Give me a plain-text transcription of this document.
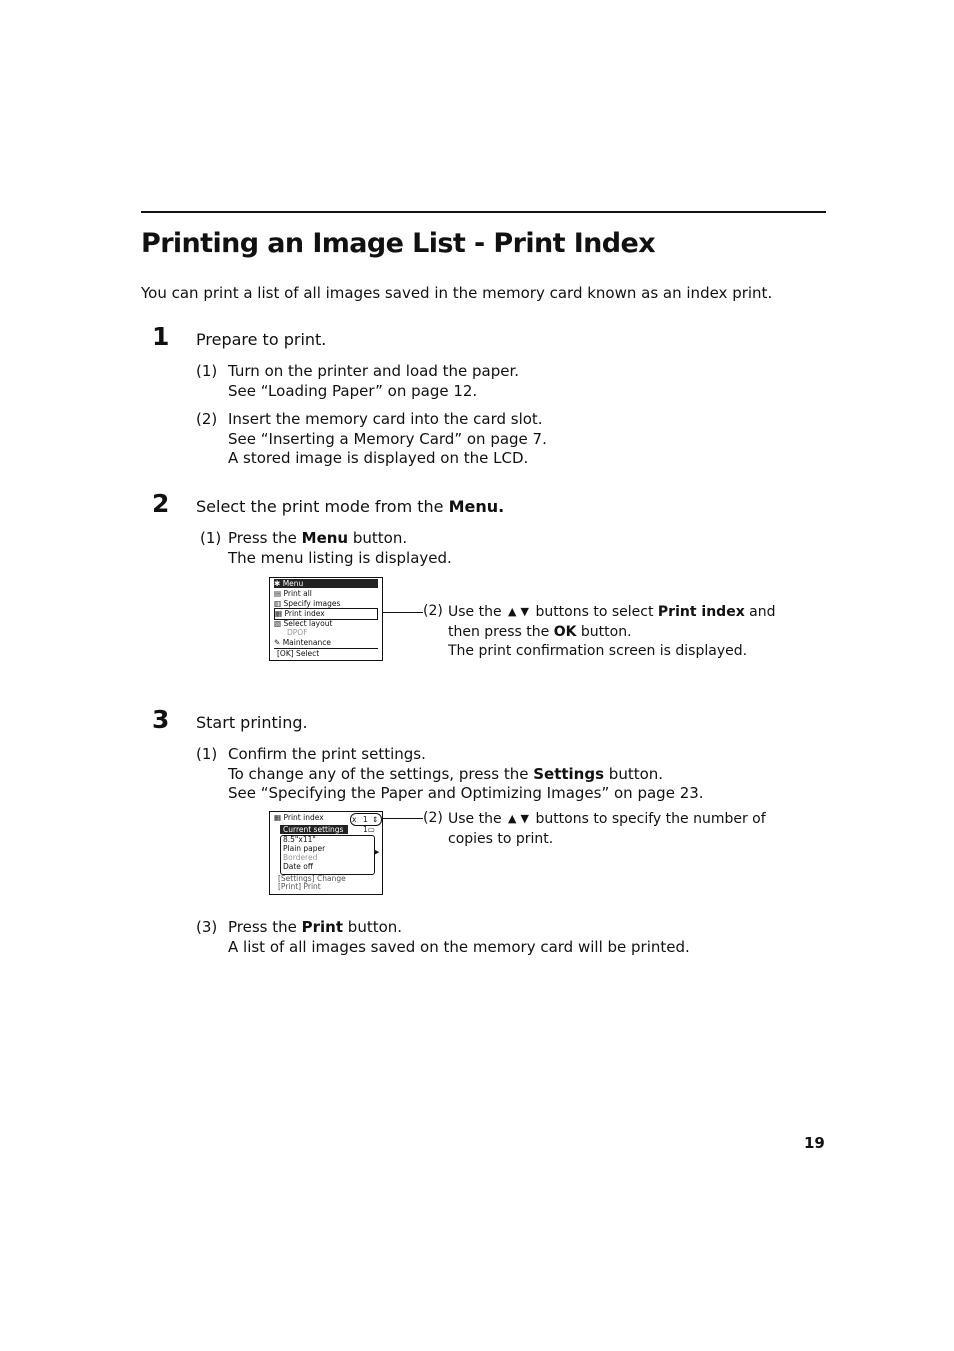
Printing an Image List - Print Index
You can print a list of all images saved in the memory card known as an index print.
1 Prepare to print.
(1) Turn on the printer and load the paper.
See “Loading Paper” on page 12.
(2) Insert the memory card into the card slot.
See “Inserting a Memory Card” on page 7.
A stored image is displayed on the LCD.
2 Select the print mode from the Menu.
(1) Press the Menu button.
The menu listing is displayed.
✱ Menu
▤ Print all
▥ Specify images
▦ Print index
▧ Select layout
DPOF
✎ Maintenance
[OK] Select
(2) Use the ▲ ▼ buttons to select Print index and
then press the OK button.
The print confirmation screen is displayed.
3 Start printing.
(1) Confirm the print settings.
To change any of the settings, press the Settings button.
See “Specifying the Paper and Optimizing Images” on page 23.
▦ Print index	x 1 ⇕
1▭
Current settings
8.5"x11"
Plain paper
Bordered
Date off
▶
[Settings] Change
[Print] Print
(2) Use the ▲ ▼ buttons to specify the number of
copies to print.
(3) Press the Print button.
A list of all images saved on the memory card will be printed.
19
